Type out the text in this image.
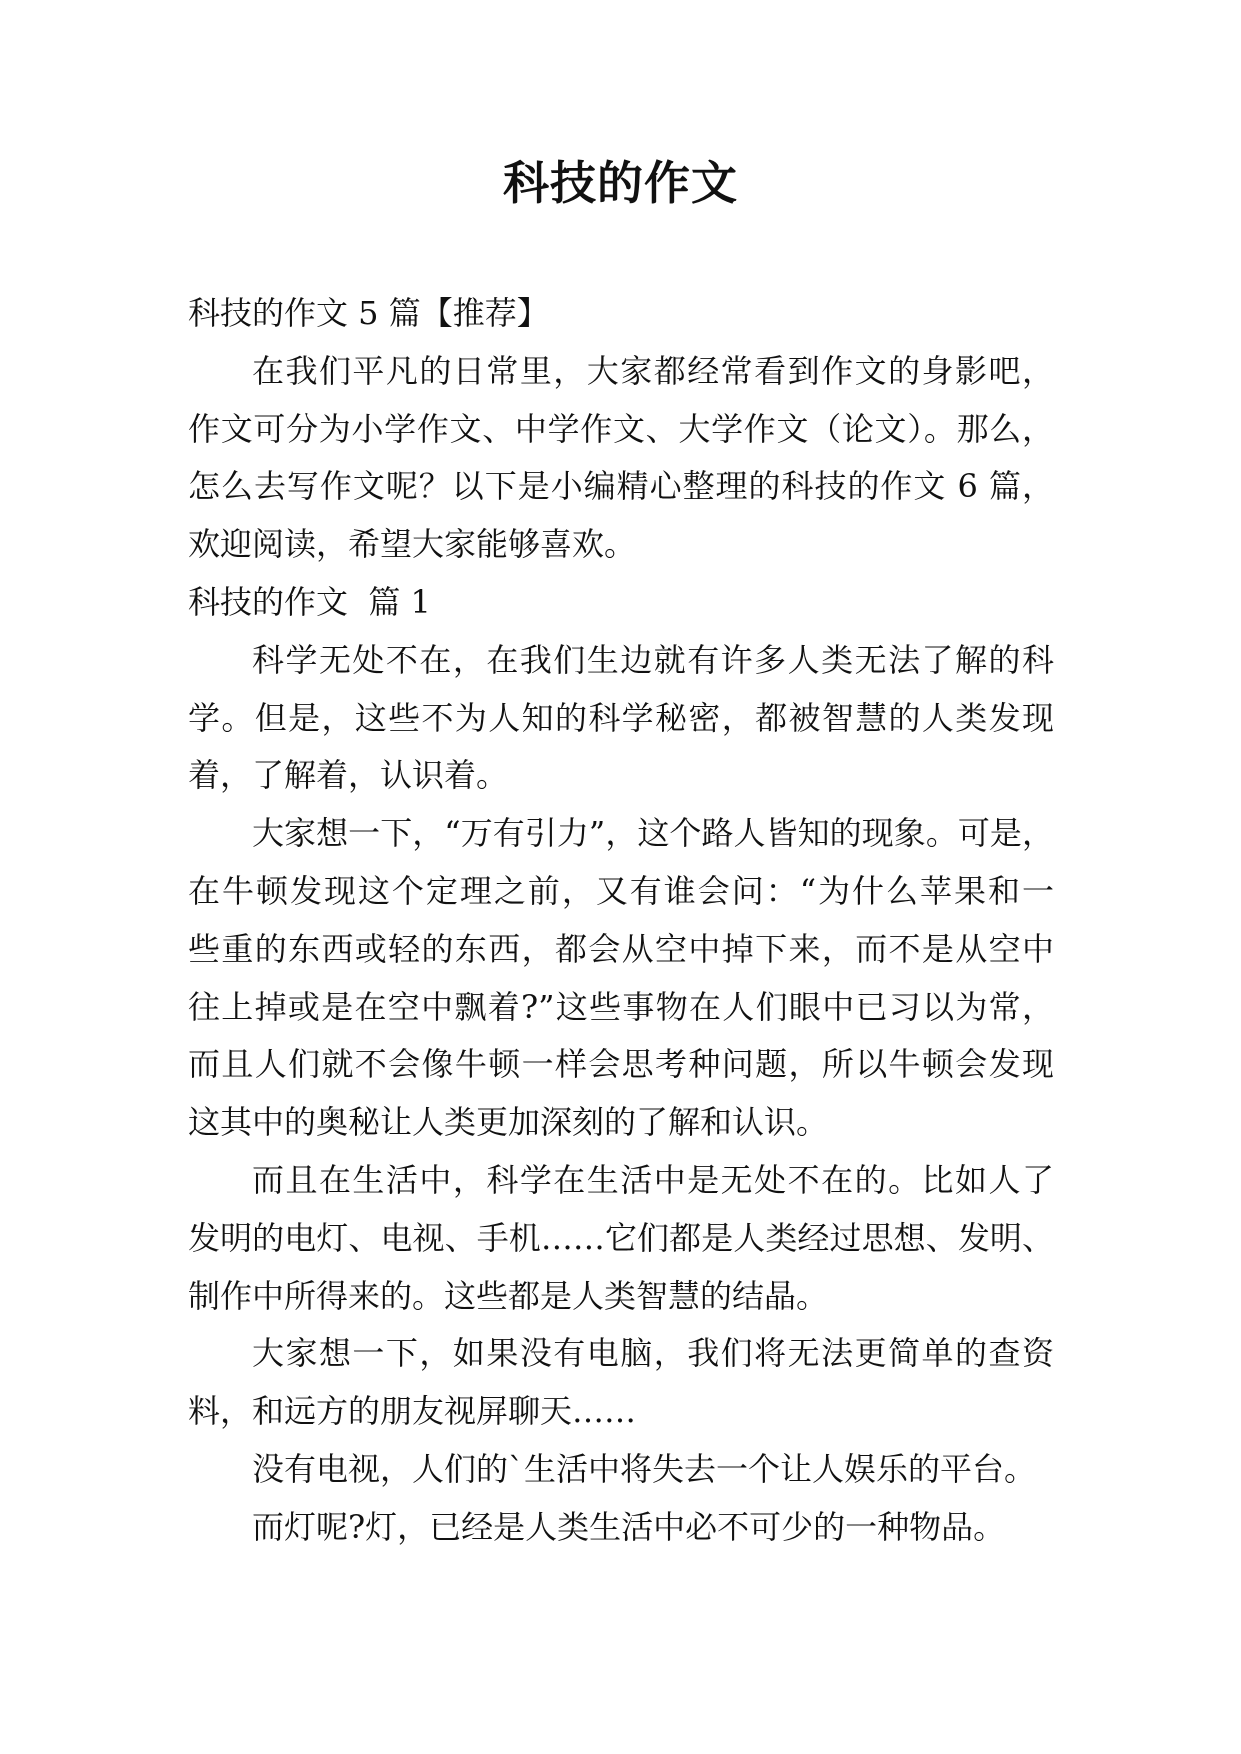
科技的作文
科技的作文 5 篇【推荐】
在我们平凡的日常里，大家都经常看到作文的身影吧，
作文可分为小学作文、中学作文、大学作文（论文）。那么，
怎么去写作文呢？以下是小编精心整理的科技的作文 6 篇，
欢迎阅读，希望大家能够喜欢。
科技的作文  篇 1
科学无处不在，在我们生边就有许多人类无法了解的科
学。但是，这些不为人知的科学秘密，都被智慧的人类发现
着，了解着，认识着。
大家想一下，“万有引力”，这个路人皆知的现象。可是，
在牛顿发现这个定理之前，又有谁会问：“为什么苹果和一
些重的东西或轻的东西，都会从空中掉下来，而不是从空中
往上掉或是在空中飘着?”这些事物在人们眼中已习以为常，
而且人们就不会像牛顿一样会思考种问题，所以牛顿会发现
这其中的奥秘让人类更加深刻的了解和认识。
而且在生活中，科学在生活中是无处不在的。比如人了
发明的电灯、电视、手机……它们都是人类经过思想、发明、
制作中所得来的。这些都是人类智慧的结晶。
大家想一下，如果没有电脑，我们将无法更简单的查资
料，和远方的朋友视屏聊天……
没有电视，人们的`生活中将失去一个让人娱乐的平台。
而灯呢?灯，已经是人类生活中必不可少的一种物品。
